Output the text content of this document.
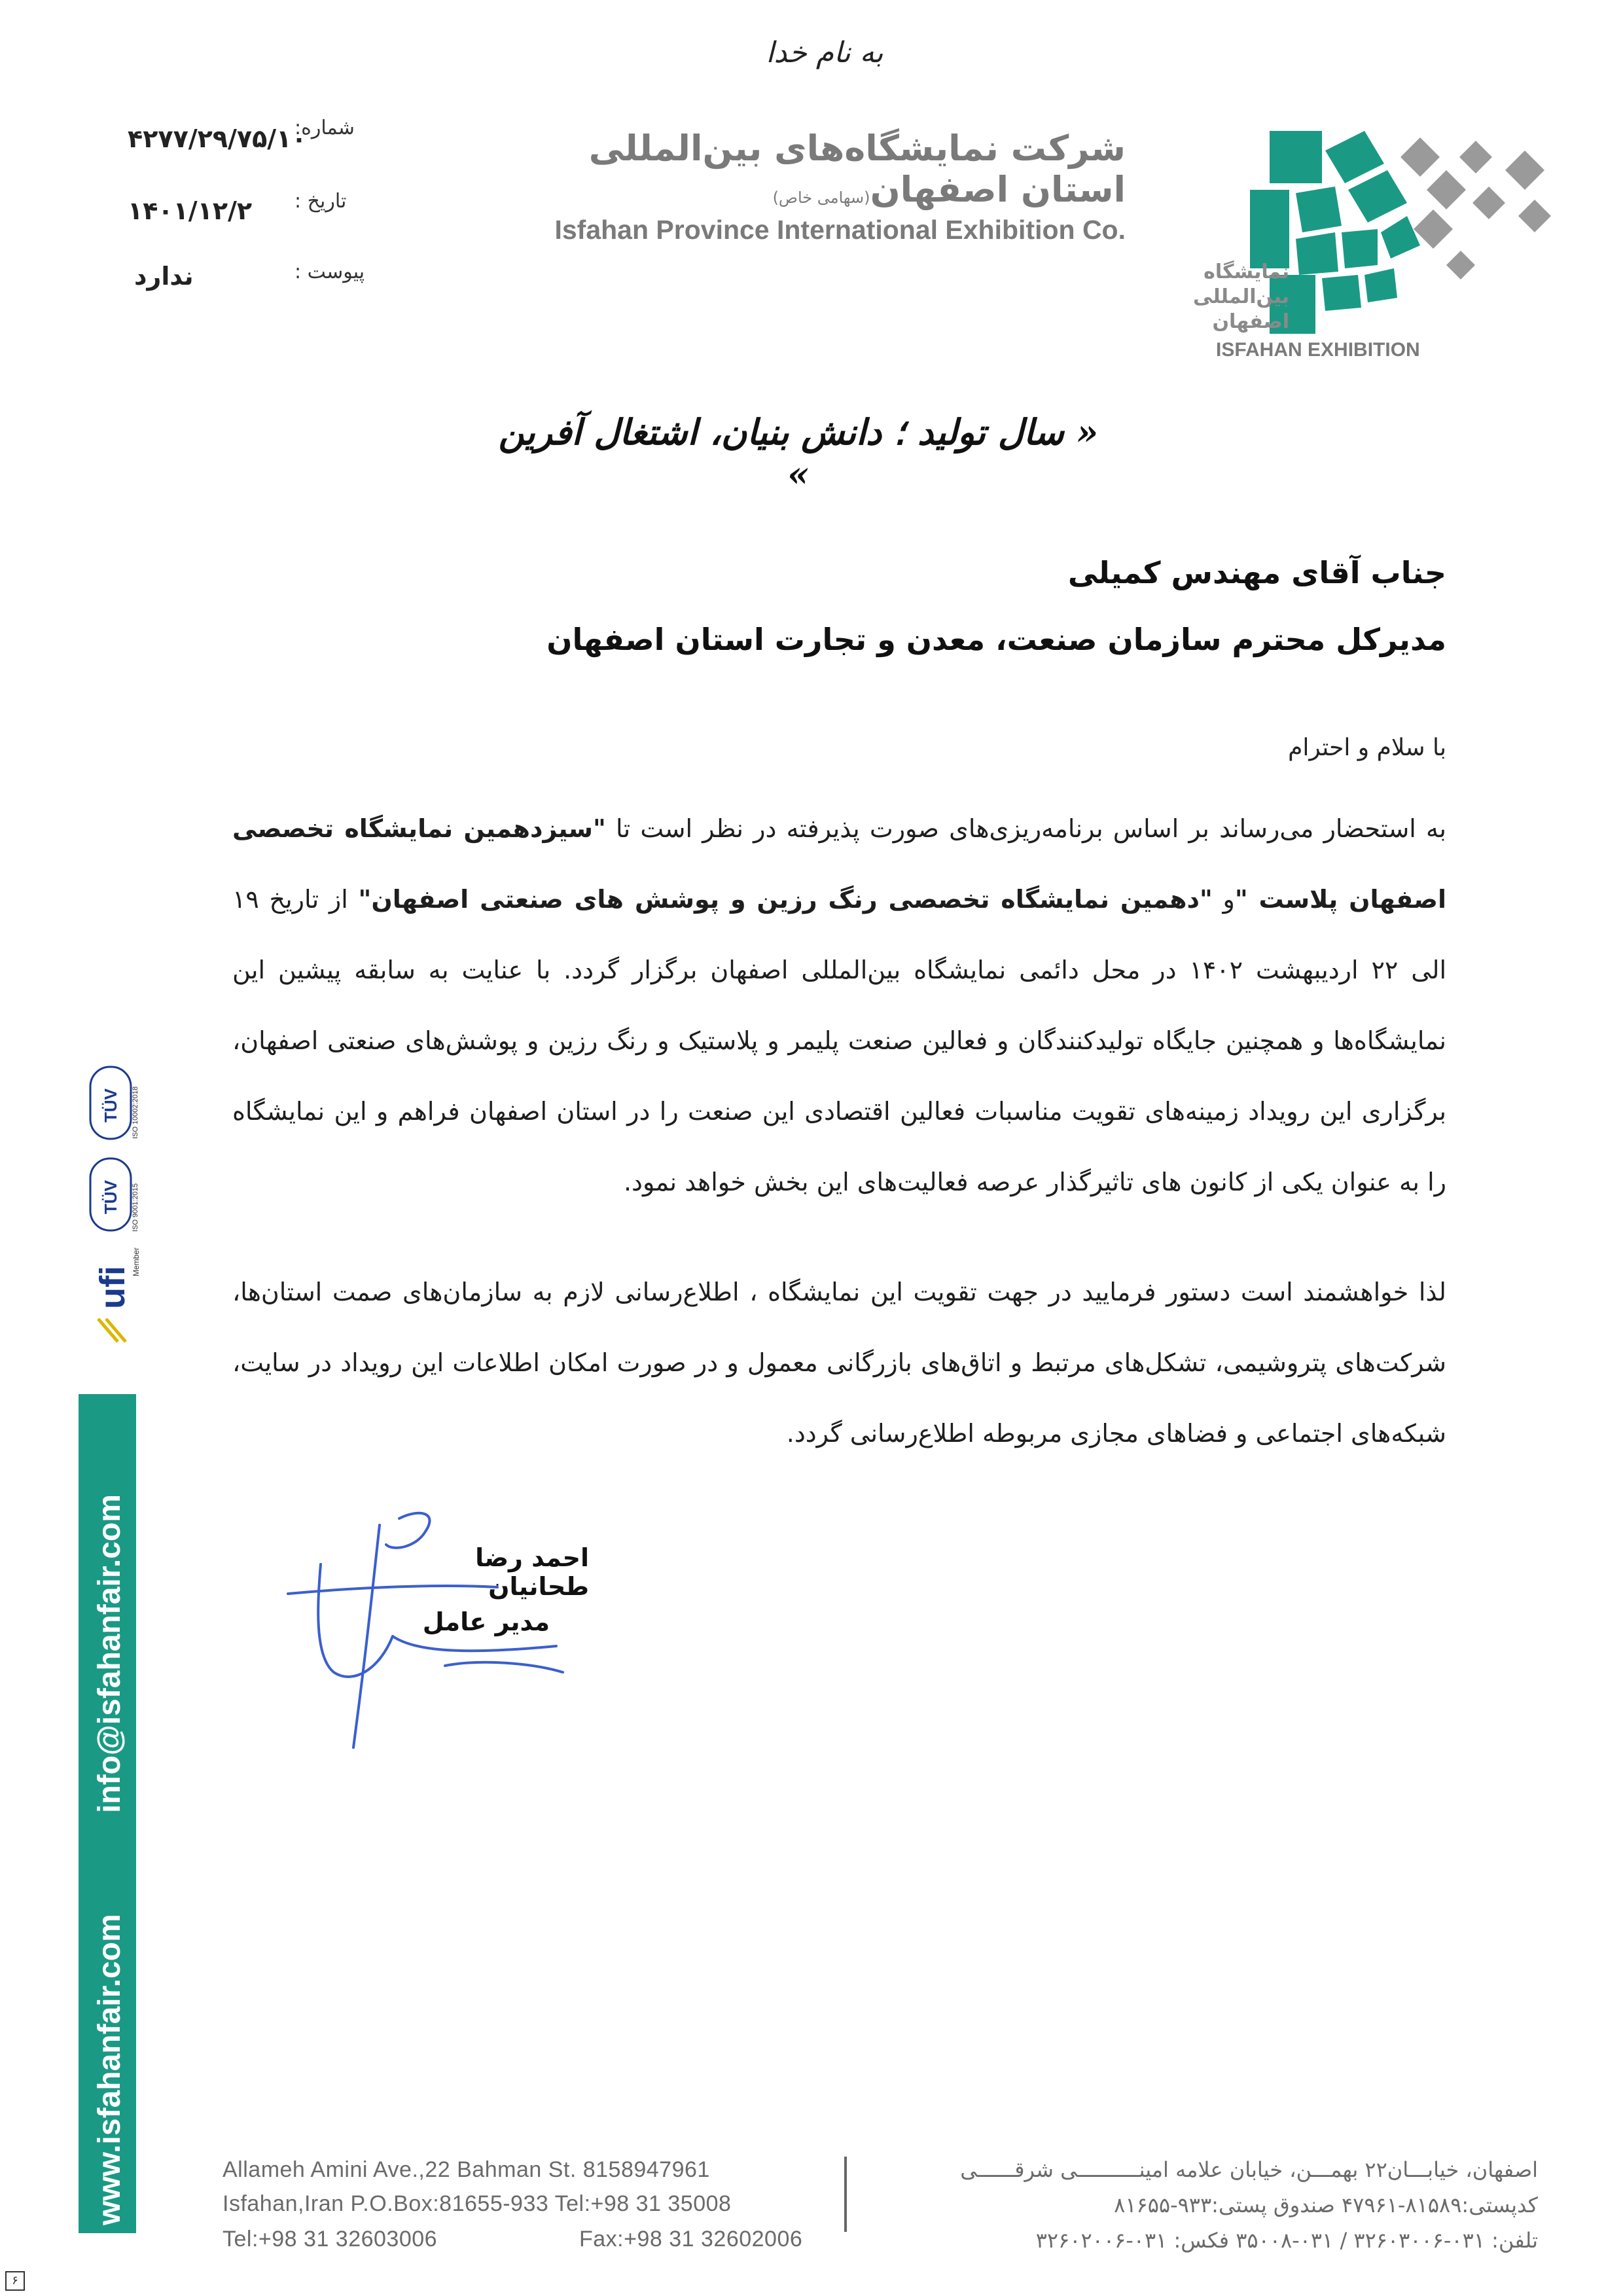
به نام خدا
شماره:
۴۲۷۷/۲۹/۷۵/۱۰
تاریخ :
۱۴۰۱/۱۲/۲
پیوست :
ندارد
شرکت نمایشگاه‌های بین‌المللی استان اصفهان
(سهامی خاص)
Isfahan Province International Exhibition Co.
نمایشگاه
بین‌المللی
اصفهان
ISFAHAN EXHIBITION
« سال تولید ؛ دانش بنیان، اشتغال آفرین »
جناب آقای مهندس کمیلی
مدیرکل محترم سازمان صنعت، معدن و تجارت استان اصفهان
با سلام و احترام
به استحضار می‌رساند بر اساس برنامه‌ریزی‌های صورت پذیرفته در نظر است تا "سیزدهمین نمایشگاه تخصصی اصفهان پلاست "و "دهمین نمایشگاه تخصصی رنگ رزین و پوشش های صنعتی اصفهان" از تاریخ ۱۹ الی ۲۲ اردیبهشت ۱۴۰۲ در محل دائمی نمایشگاه بین‌المللی اصفهان برگزار گردد. با عنایت به سابقه پیشین این نمایشگاه‌ها و همچنین جایگاه تولیدکنندگان و فعالین صنعت پلیمر و پلاستیک و رنگ رزین و پوشش‌های صنعتی اصفهان، برگزاری این رویداد زمینه‌های تقویت مناسبات فعالین اقتصادی این صنعت را در استان اصفهان فراهم و این نمایشگاه را به عنوان یکی از کانون های تاثیرگذار عرصه فعالیت‌های این بخش خواهد نمود.
لذا خواهشمند است دستور فرمایید در جهت تقویت این نمایشگاه ، اطلاع‌رسانی لازم به سازمان‌های صمت استان‌ها، شرکت‌های پتروشیمی، تشکل‌های مرتبط و اتاق‌های بازرگانی معمول و در صورت امکان اطلاعات این رویداد در سایت، شبکه‌های اجتماعی و فضاهای مجازی مربوطه اطلاع‌رسانی گردد.
احمد رضا طحانیان
مدیر عامل
TÜV ISO 10002:2018
TÜV ISO 9001:2015
ufi
Member
www.isfahanfair.com
info@isfahanfair.com
Allameh Amini Ave.,22 Bahman St. 8158947961
Isfahan,Iran P.O.Box:81655-933 Tel:+98 31 35008
Tel:+98 31 32603006	Fax:+98 31 32602006
اصفهان، خیابـــان۲۲ بهمـــن، خیابان علامه امینــــــــــی شرقــــــی
کدپستی:۸۱۵۸۹-۴۷۹۶۱ صندوق پستی:۹۳۳-۸۱۶۵۵
تلفن: ۰۳۱-۳۲۶۰۳۰۰۶ / ۰۳۱-۳۵۰۰۸ فکس: ۰۳۱-۳۲۶۰۲۰۰۶
۶
